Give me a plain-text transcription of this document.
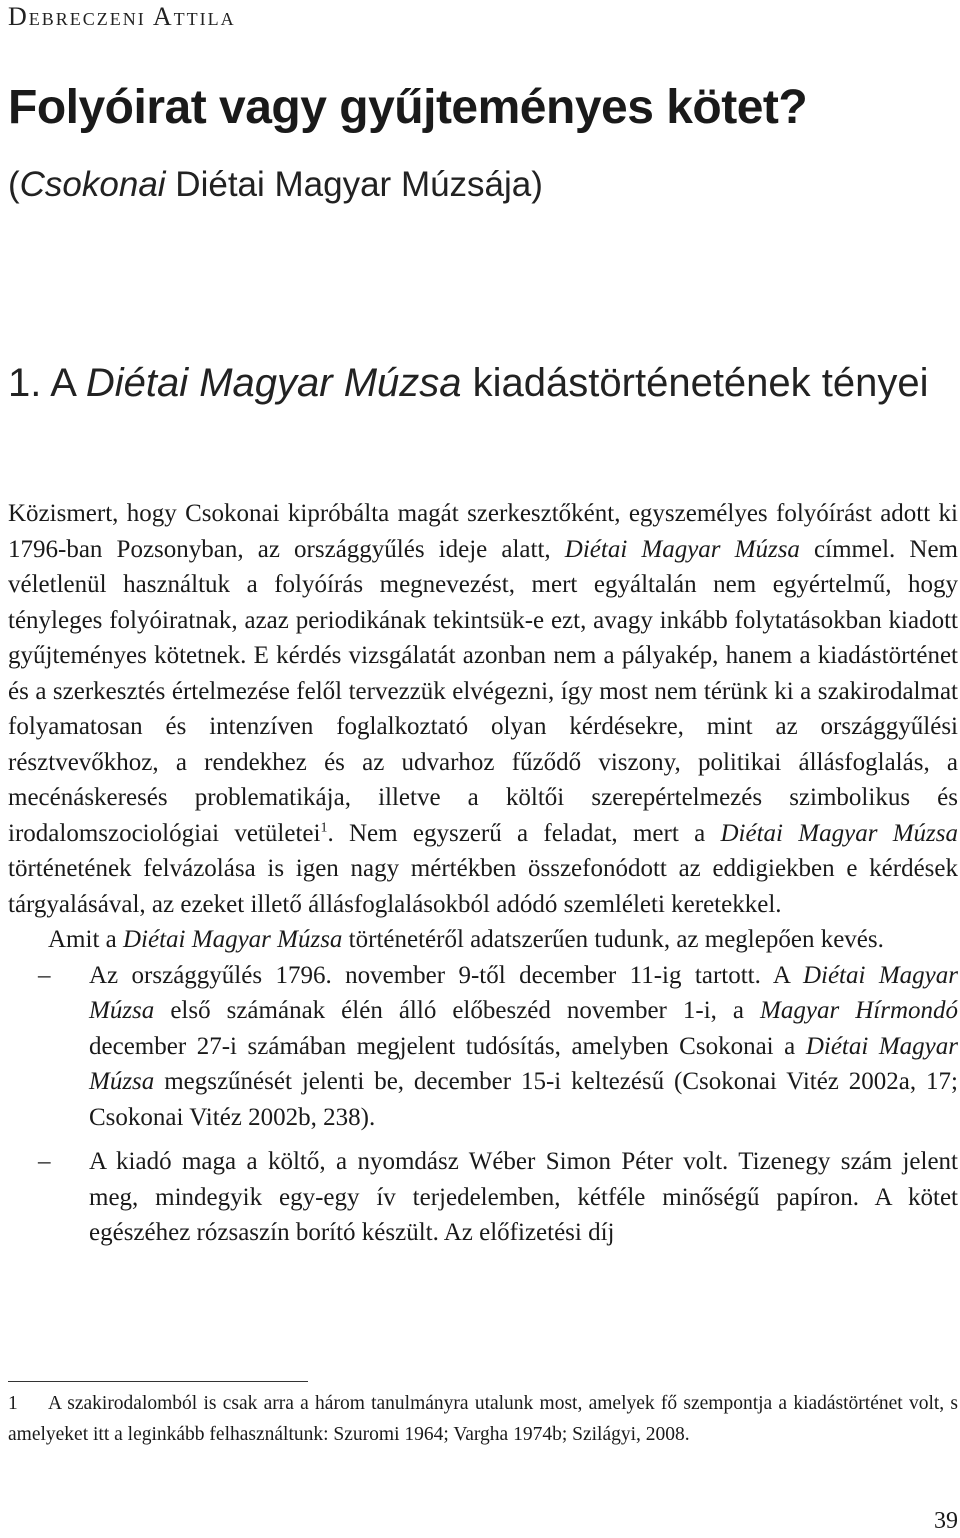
Debreczeni Attila
Folyóirat vagy gyűjteményes kötet?
(Csokonai Diétai Magyar Múzsája)
1. A Diétai Magyar Múzsa kiadástörténetének tényei

Közismert, hogy Csokonai kipróbálta magát szerkesztőként, egyszemélyes folyóírást adott ki 1796-ban Pozsonyban, az országgyűlés ideje alatt, Diétai Magyar Múzsa címmel. Nem véletlenül használtuk a folyóírás megnevezést, mert egyáltalán nem egyértelmű, hogy tényleges folyóiratnak, azaz periodikának tekintsük-e ezt, avagy inkább folytatásokban kiadott gyűjteményes kötetnek. E kérdés vizsgálatát azonban nem a pályakép, hanem a kiadástörténet és a szerkesztés értelmezése felől tervezzük elvégezni, így most nem térünk ki a szakirodalmat folyamatosan és intenzíven foglalkoztató olyan kérdésekre, mint az országgyűlési résztvevőkhoz, a rendekhez és az udvarhoz fűződő viszony, politikai állásfoglalás, a mecénáskeresés problematikája, illetve a költői szerepértelmezés szimbolikus és irodalomszociológiai vetületei$^1$. Nem egyszerű a feladat, mert a Diétai Magyar Múzsa történetének felvázolása is igen nagy mértékben összefonódott az eddigiekben e kérdések tárgyalásával, az ezeket illető állásfoglalásokból adódó szemléleti keretekkel.

Amit a Diétai Magyar Múzsa történetéről adatszerűen tudunk, az meglepően kevés.

– Az országgyűlés 1796. november 9-től december 11-ig tartott. A Diétai Magyar Múzsa első számának élén álló előbeszéd november 1-i, a Magyar Hírmondó december 27-i számában megjelent tudósítás, amelyben Csokonai a Diétai Magyar Múzsa megszűnését jelenti be, december 15-i keltezésű (Csokonai Vitéz 2002a, 17; Csokonai Vitéz 2002b, 238).

– A kiadó maga a költő, a nyomdász Wéber Simon Péter volt. Tizenegy szám jelent meg, mindegyik egy-egy ív terjedelemben, kétféle minőségű papíron. A kötet egészéhez rózsaszín borító készült. Az előfizetési díj

1 A szakirodalomból is csak arra a három tanulmányra utalunk most, amelyek fő szempontja a kiadástörténet volt, s amelyeket itt a leginkább felhasználtunk: Szuromi 1964; Vargha 1974b; Szilágyi, 2008.
39
